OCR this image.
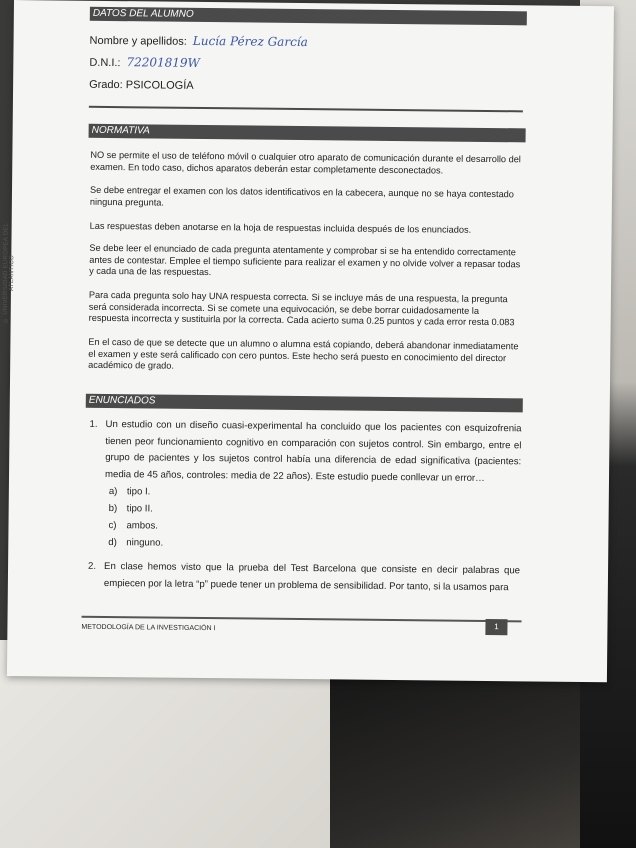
© UNIVERSIDAD EUROPEA DEL ATLÁNTICO
DATOS DEL ALUMNO
Nombre y apellidos: Lucía Pérez García
D.N.I.: 72201819W
Grado: PSICOLOGÍA
NORMATIVA

NO se permite el uso de teléfono móvil o cualquier otro aparato de comunicación durante el desarrollo del examen. En todo caso, dichos aparatos deberán estar completamente desconectados.

Se debe entregar el examen con los datos identificativos en la cabecera, aunque no se haya contestado ninguna pregunta.

Las respuestas deben anotarse en la hoja de respuestas incluida después de los enunciados.

Se debe leer el enunciado de cada pregunta atentamente y comprobar si se ha entendido correctamente antes de contestar. Emplee el tiempo suficiente para realizar el examen y no olvide volver a repasar todas y cada una de las respuestas.

Para cada pregunta solo hay UNA respuesta correcta. Si se incluye más de una respuesta, la pregunta será considerada incorrecta. Si se comete una equivocación, se debe borrar cuidadosamente la respuesta incorrecta y sustituirla por la correcta. Cada acierto suma 0.25 puntos y cada error resta 0.083

En el caso de que se detecte que un alumno o alumna está copiando, deberá abandonar inmediatamente el examen y este será calificado con cero puntos. Este hecho será puesto en conocimiento del director académico de grado.

ENUNCIADOS
1. Un estudio con un diseño cuasi-experimental ha concluido que los pacientes con esquizofrenia tienen peor funcionamiento cognitivo en comparación con sujetos control. Sin embargo, entre el grupo de pacientes y los sujetos control había una diferencia de edad significativa (pacientes: media de 45 años, controles: media de 22 años). Este estudio puede conllevar un error…
a) tipo I.
b) tipo II.
c) ambos.
d) ninguno.
2. En clase hemos visto que la prueba del Test Barcelona que consiste en decir palabras que empiecen por la letra “p” puede tener un problema de sensibilidad. Por tanto, si la usamos para
METODOLOGÍA DE LA INVESTIGACIÓN I	1
